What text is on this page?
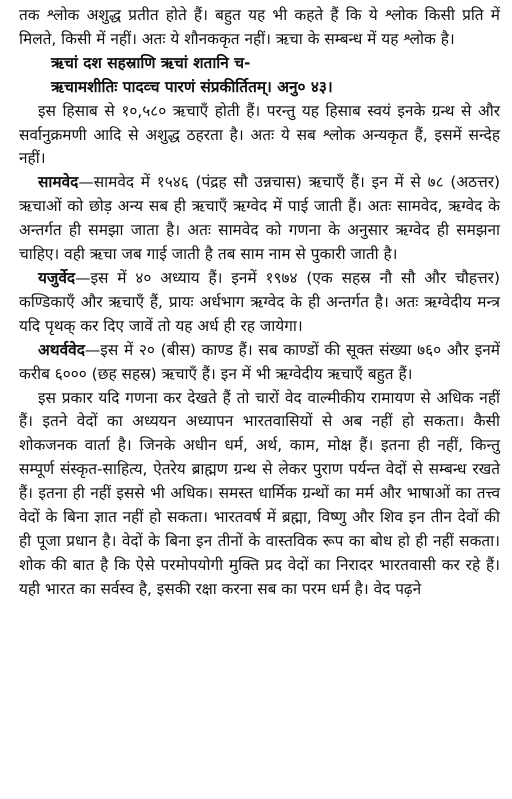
तक श्लोक अशुद्ध प्रतीत होते हैं। बहुत यह भी कहते हैं कि ये श्लोक किसी प्रति में मिलते, किसी में नहीं। अतः ये शौनककृत नहीं। ऋचा के सम्बन्ध में यह श्लोक है।

ऋचां दश सहस्राणि ऋचां शतानि च-

ऋचामशीतिः पादव्च पारणं संप्रकीर्तितम्। अनु० ४३।

इस हिसाब से १०,५८० ऋचाएँ होती हैं। परन्तु यह हिसाब स्वयं इनके ग्रन्थ से और सर्वानुक्रमणी आदि से अशुद्ध ठहरता है। अतः ये सब श्लोक अन्यकृत हैं, इसमें सन्देह नहीं।

सामवेद—सामवेद में १५४६ (पंद्रह सौ उन्नचास) ऋचाएँ हैं। इन में से ७८ (अठत्तर) ऋचाओं को छोड़ अन्य सब ही ऋचाएँ ऋग्वेद में पाई जाती हैं। अतः सामवेद, ऋग्वेद के अन्तर्गत ही समझा जाता है। अतः सामवेद को गणना के अनुसार ऋग्वेद ही समझना चाहिए। वही ऋचा जब गाई जाती है तब साम नाम से पुकारी जाती है।

यजुर्वेद—इस में ४० अध्याय हैं। इनमें १९७४ (एक सहस्र नौ सौ और चौहत्तर) कण्डिकाएँ और ऋचाएँ हैं, प्रायः अर्धभाग ऋग्वेद के ही अन्तर्गत है। अतः ऋग्वेदीय मन्त्र यदि पृथक् कर दिए जावें तो यह अर्ध ही रह जायेगा।

अथर्ववेद—इस में २० (बीस) काण्ड हैं। सब काण्डों की सूक्त संख्या ७६० और इनमें करीब ६००० (छह सहस्र) ऋचाएँ हैं। इन में भी ऋग्वेदीय ऋचाएँ बहुत हैं।

इस प्रकार यदि गणना कर देखते हैं तो चारों वेद वाल्मीकीय रामायण से अधिक नहीं हैं। इतने वेदों का अध्ययन अध्यापन भारतवासियों से अब नहीं हो सकता। कैसी शोकजनक वार्ता है। जिनके अधीन धर्म, अर्थ, काम, मोक्ष हैं। इतना ही नहीं, किन्तु सम्पूर्ण संस्कृत-साहित्य, ऐतरेय ब्राह्मण ग्रन्थ से लेकर पुराण पर्यन्त वेदों से सम्बन्ध रखते हैं। इतना ही नहीं इससे भी अधिक। समस्त धार्मिक ग्रन्थों का मर्म और भाषाओं का तत्त्व वेदों के बिना ज्ञात नहीं हो सकता। भारतवर्ष में ब्रह्मा, विष्णु और शिव इन तीन देवों की ही पूजा प्रधान है। वेदों के बिना इन तीनों के वास्तविक रूप का बोध हो ही नहीं सकता। शोक की बात है कि ऐसे परमोपयोगी मुक्ति प्रद वेदों का निरादर भारतवासी कर रहे हैं। यही भारत का सर्वस्व है, इसकी रक्षा करना सब का परम धर्म है। वेद पढ़ने
